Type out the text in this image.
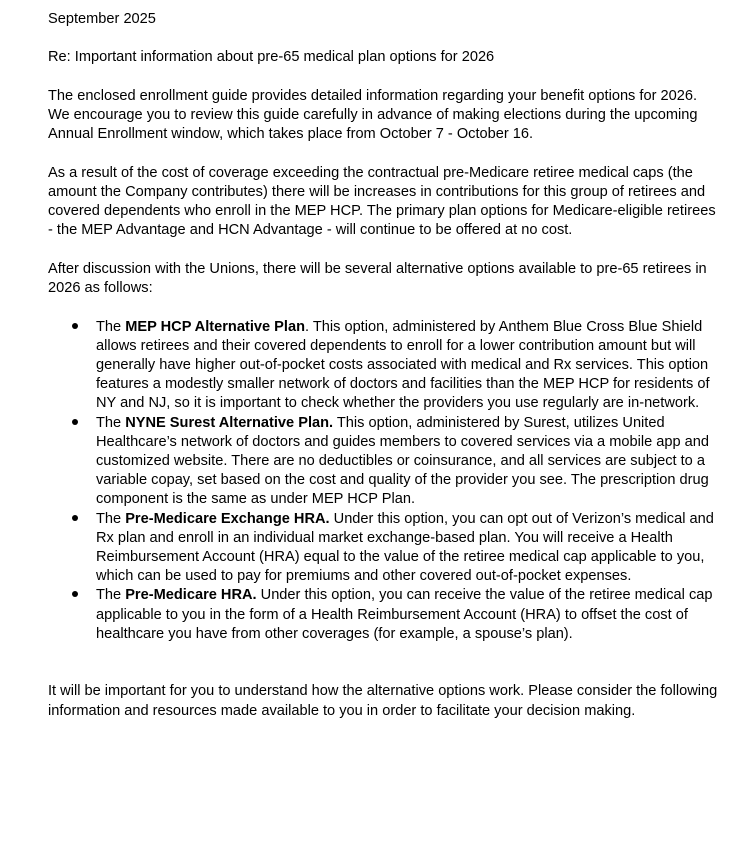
September 2025

Re: Important information about pre-65 medical plan options for 2026

The enclosed enrollment guide provides detailed information regarding your benefit options for 2026. We encourage you to review this guide carefully in advance of making elections during the upcoming Annual Enrollment window, which takes place from October 7 - October 16.

As a result of the cost of coverage exceeding the contractual pre-Medicare retiree medical caps (the amount the Company contributes) there will be increases in contributions for this group of retirees and covered dependents who enroll in the MEP HCP. The primary plan options for Medicare-eligible retirees - the MEP Advantage and HCN Advantage - will continue to be offered at no cost.

After discussion with the Unions, there will be several alternative options available to pre-65 retirees in 2026 as follows:

The MEP HCP Alternative Plan. This option, administered by Anthem Blue Cross Blue Shield allows retirees and their covered dependents to enroll for a lower contribution amount but will generally have higher out-of-pocket costs associated with medical and Rx services. This option features a modestly smaller network of doctors and facilities than the MEP HCP for residents of NY and NJ, so it is important to check whether the providers you use regularly are in-network.
The NYNE Surest Alternative Plan. This option, administered by Surest, utilizes United Healthcare’s network of doctors and guides members to covered services via a mobile app and customized website. There are no deductibles or coinsurance, and all services are subject to a variable copay, set based on the cost and quality of the provider you see. The prescription drug component is the same as under MEP HCP Plan.
The Pre-Medicare Exchange HRA. Under this option, you can opt out of Verizon’s medical and Rx plan and enroll in an individual market exchange-based plan. You will receive a Health Reimbursement Account (HRA) equal to the value of the retiree medical cap applicable to you, which can be used to pay for premiums and other covered out-of-pocket expenses.
The Pre-Medicare HRA. Under this option, you can receive the value of the retiree medical cap applicable to you in the form of a Health Reimbursement Account (HRA) to offset the cost of healthcare you have from other coverages (for example, a spouse’s plan).

It will be important for you to understand how the alternative options work. Please consider the following information and resources made available to you in order to facilitate your decision making.
